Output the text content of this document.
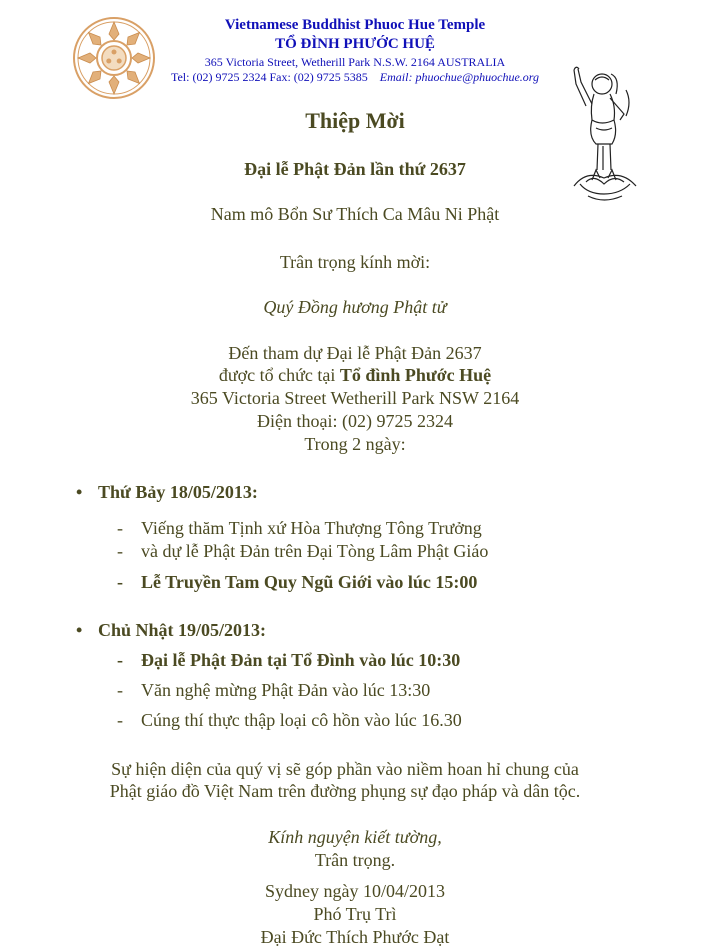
Vietnamese Buddhist Phuoc Hue Temple
TỔ ĐÌNH PHƯỚC HUỆ
365 Victoria Street, Wetherill Park N.S.W. 2164 AUSTRALIA
Tel: (02) 9725 2324 Fax: (02) 9725 5385 Email: phuochue@phuochue.org
Thiệp Mời
Đại lễ Phật Đản lần thứ 2637
Nam mô Bổn Sư Thích Ca Mâu Ni Phật
Trân trọng kính mời:
Quý Đồng hương Phật tử
Đến tham dự Đại lễ Phật Đản 2637
được tổ chức tại Tổ đình Phước Huệ
365 Victoria Street Wetherill Park NSW 2164
Điện thoại: (02) 9725 2324
Trong 2 ngày:
• Thứ Bảy 18/05/2013:
- Viếng thăm Tịnh xứ Hòa Thượng Tông Trưởng
- và dự lễ Phật Đản trên Đại Tòng Lâm Phật Giáo
- Lễ Truyền Tam Quy Ngũ Giới vào lúc 15:00
• Chủ Nhật 19/05/2013:
- Đại lễ Phật Đản tại Tổ Đình vào lúc 10:30
- Văn nghệ mừng Phật Đản vào lúc 13:30
- Cúng thí thực thập loại cô hồn vào lúc 16.30
Sự hiện diện của quý vị sẽ góp phần vào niềm hoan hỉ chung của
Phật giáo đồ Việt Nam trên đường phụng sự đạo pháp và dân tộc.
Kính nguyện kiết tường,
Trân trọng.
Sydney ngày 10/04/2013
Phó Trụ Trì
Đại Đức Thích Phước Đạt
